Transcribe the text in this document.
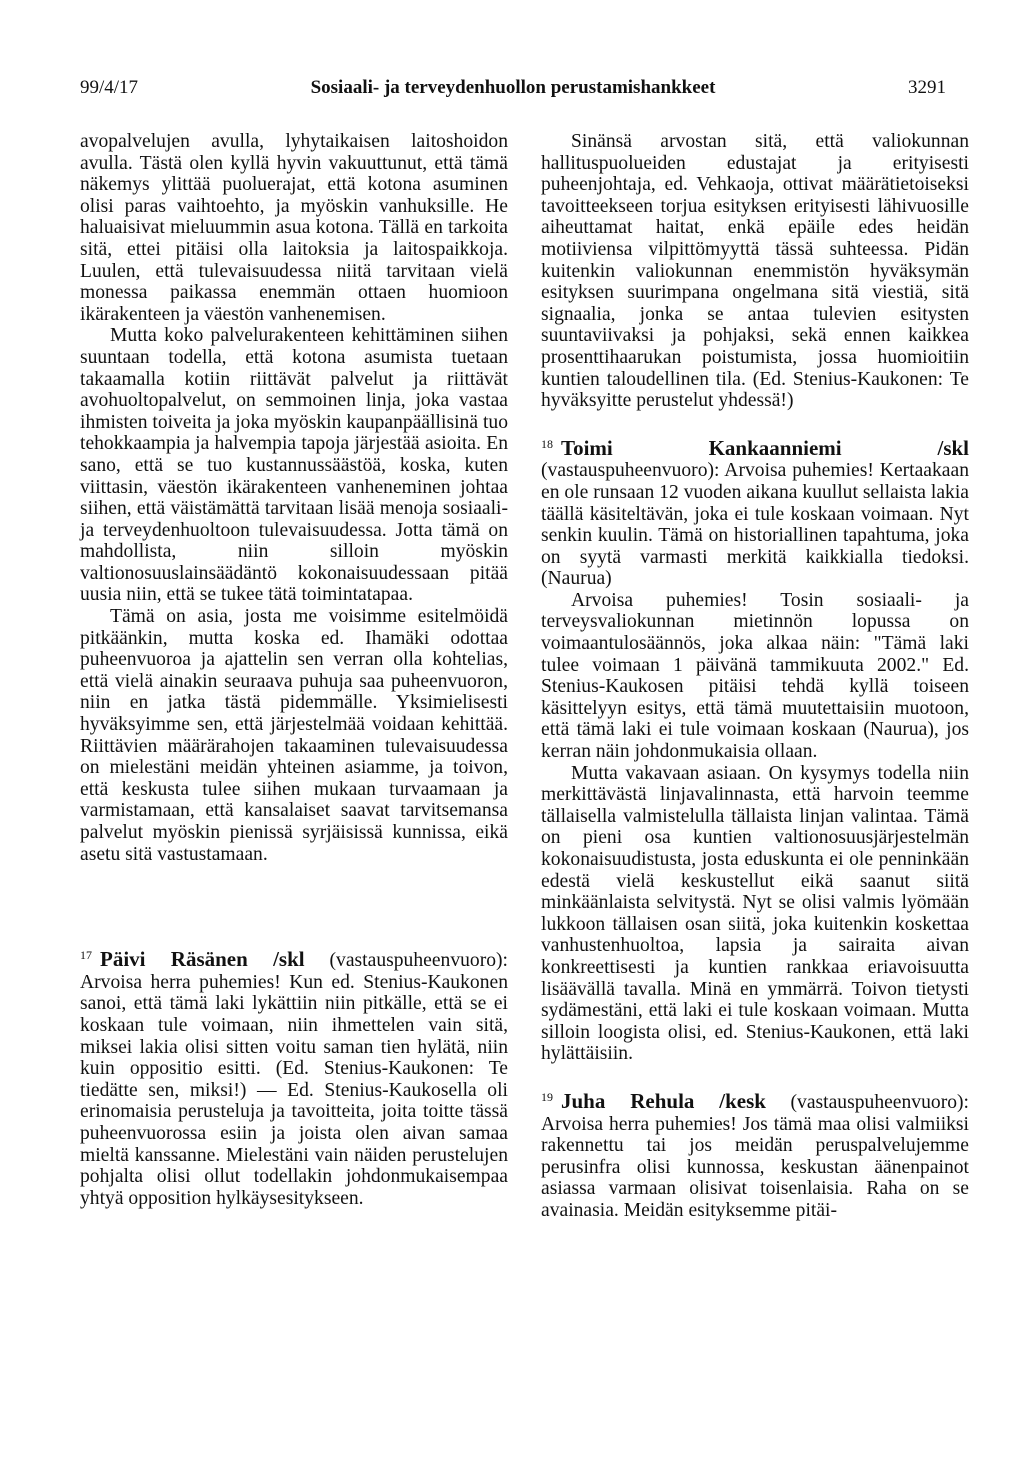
99/4/17	Sosiaali- ja terveydenhuollon perustamishankkeet	3291

avopalvelujen avulla, lyhytaikaisen laitoshoidon avulla. Tästä olen kyllä hyvin vakuuttunut, että tämä näkemys ylittää puoluerajat, että kotona asuminen olisi paras vaihtoehto, ja myöskin vanhuksille. He haluaisivat mieluummin asua kotona. Tällä en tarkoita sitä, ettei pitäisi olla laitoksia ja laitospaikkoja. Luulen, että tulevaisuudessa niitä tarvitaan vielä monessa paikassa enemmän ottaen huomioon ikärakenteen ja väestön vanhenemisen.

Mutta koko palvelurakenteen kehittäminen siihen suuntaan todella, että kotona asumista tuetaan takaamalla kotiin riittävät palvelut ja riittävät avohuoltopalvelut, on semmoinen linja, joka vastaa ihmisten toiveita ja joka myöskin kaupanpäällisinä tuo tehokkaampia ja halvempia tapoja järjestää asioita. En sano, että se tuo kustannussäästöä, koska, kuten viittasin, väestön ikärakenteen vanheneminen johtaa siihen, että väistämättä tarvitaan lisää menoja sosiaali- ja terveydenhuoltoon tulevaisuudessa. Jotta tämä on mahdollista, niin silloin myöskin valtionosuuslainsäädäntö kokonaisuudessaan pitää uusia niin, että se tukee tätä toimintatapaa.

Tämä on asia, josta me voisimme esitelmöidä pitkäänkin, mutta koska ed. Ihamäki odottaa puheenvuoroa ja ajattelin sen verran olla kohtelias, että vielä ainakin seuraava puhuja saa puheenvuoron, niin en jatka tästä pidemmälle. Yksimielisesti hyväksyimme sen, että järjestelmää voidaan kehittää. Riittävien määrärahojen takaaminen tulevaisuudessa on mielestäni meidän yhteinen asiamme, ja toivon, että keskusta tulee siihen mukaan turvaamaan ja varmistamaan, että kansalaiset saavat tarvitsemansa palvelut myöskin pienissä syrjäisissä kunnissa, eikä asetu sitä vastustamaan.

$^{17}$ Päivi Räsänen /skl (vastauspuheenvuoro): Arvoisa herra puhemies! Kun ed. Stenius-Kaukonen sanoi, että tämä laki lykättiin niin pitkälle, että se ei koskaan tule voimaan, niin ihmettelen vain sitä, miksei lakia olisi sitten voitu saman tien hylätä, niin kuin oppositio esitti. (Ed. Stenius-Kaukonen: Te tiedätte sen, miksi!) — Ed. Stenius-Kaukosella oli erinomaisia perusteluja ja tavoitteita, joita toitte tässä puheenvuorossa esiin ja joista olen aivan samaa mieltä kanssanne. Mielestäni vain näiden perustelujen pohjalta olisi ollut todellakin johdonmukaisempaa yhtyä opposition hylkäysesitykseen.

Sinänsä arvostan sitä, että valiokunnan hallituspuolueiden edustajat ja erityisesti puheenjohtaja, ed. Vehkaoja, ottivat määrätietoiseksi tavoitteekseen torjua esityksen erityisesti lähivuosille aiheuttamat haitat, enkä epäile edes heidän motiiviensa vilpittömyyttä tässä suhteessa. Pidän kuitenkin valiokunnan enemmistön hyväksymän esityksen suurimpana ongelmana sitä viestiä, sitä signaalia, jonka se antaa tulevien esitysten suuntaviivaksi ja pohjaksi, sekä ennen kaikkea prosenttihaarukan poistumista, jossa huomioitiin kuntien taloudellinen tila. (Ed. Stenius-Kaukonen: Te hyväksyitte perustelut yhdessä!)

$^{18}$ Toimi Kankaanniemi /skl (vastauspuheenvuoro): Arvoisa puhemies! Kertaakaan en ole runsaan 12 vuoden aikana kuullut sellaista lakia täällä käsiteltävän, joka ei tule koskaan voimaan. Nyt senkin kuulin. Tämä on historiallinen tapahtuma, joka on syytä varmasti merkitä kaikkialla tiedoksi. (Naurua)

Arvoisa puhemies! Tosin sosiaali- ja terveysvaliokunnan mietinnön lopussa on voimaantulosäännös, joka alkaa näin: "Tämä laki tulee voimaan 1 päivänä tammikuuta 2002." Ed. Stenius-Kaukosen pitäisi tehdä kyllä toiseen käsittelyyn esitys, että tämä muutettaisiin muotoon, että tämä laki ei tule voimaan koskaan (Naurua), jos kerran näin johdonmukaisia ollaan.

Mutta vakavaan asiaan. On kysymys todella niin merkittävästä linjavalinnasta, että harvoin teemme tällaisella valmistelulla tällaista linjan valintaa. Tämä on pieni osa kuntien valtionosuusjärjestelmän kokonaisuudistusta, josta eduskunta ei ole penninkään edestä vielä keskustellut eikä saanut siitä minkäänlaista selvitystä. Nyt se olisi valmis lyömään lukkoon tällaisen osan siitä, joka kuitenkin koskettaa vanhustenhuoltoa, lapsia ja sairaita aivan konkreettisesti ja kuntien rankkaa eriavoisuutta lisäävällä tavalla. Minä en ymmärrä. Toivon tietysti sydämestäni, että laki ei tule koskaan voimaan. Mutta silloin loogista olisi, ed. Stenius-Kaukonen, että laki hylättäisiin.

$^{19}$ Juha Rehula /kesk (vastauspuheenvuoro): Arvoisa herra puhemies! Jos tämä maa olisi valmiiksi rakennettu tai jos meidän peruspalvelujemme perusinfra olisi kunnossa, keskustan äänenpainot asiassa varmaan olisivat toisenlaisia. Raha on se avainasia. Meidän esityksemme pitäi-
